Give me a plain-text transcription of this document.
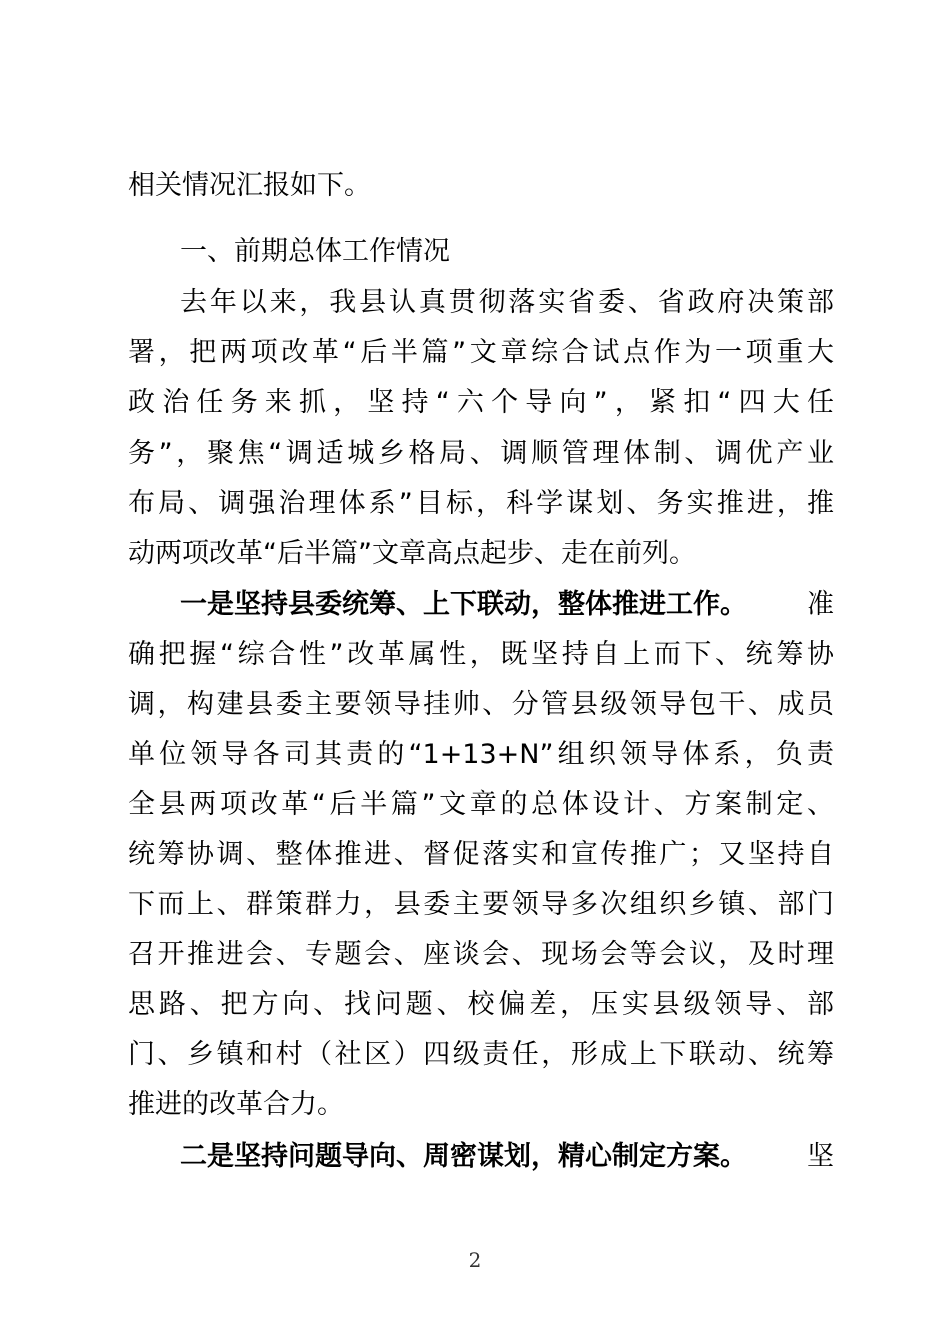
相关情况汇报如下。
一、前期总体工作情况
去年以来，我县认真贯彻落实省委、省政府决策部
署，把两项改革“后半篇”文章综合试点作为一项重大
政治任务来抓，坚持“六个导向”，紧扣“四大任
务”，聚焦“调适城乡格局、调顺管理体制、调优产业
布局、调强治理体系”目标，科学谋划、务实推进，推
动两项改革“后半篇”文章高点起步、走在前列。
一是坚持县委统筹、上下联动，整体推进工作。 准
确把握“综合性”改革属性，既坚持自上而下、统筹协
调，构建县委主要领导挂帅、分管县级领导包干、成员
单位领导各司其责的“1+13+N”组织领导体系，负责
全县两项改革“后半篇”文章的总体设计、方案制定、
统筹协调、整体推进、督促落实和宣传推广；又坚持自
下而上、群策群力，县委主要领导多次组织乡镇、部门
召开推进会、专题会、座谈会、现场会等会议，及时理
思路、把方向、找问题、校偏差，压实县级领导、部
门、乡镇和村（社区）四级责任，形成上下联动、统筹
推进的改革合力。
二是坚持问题导向、周密谋划，精心制定方案。 坚
2
